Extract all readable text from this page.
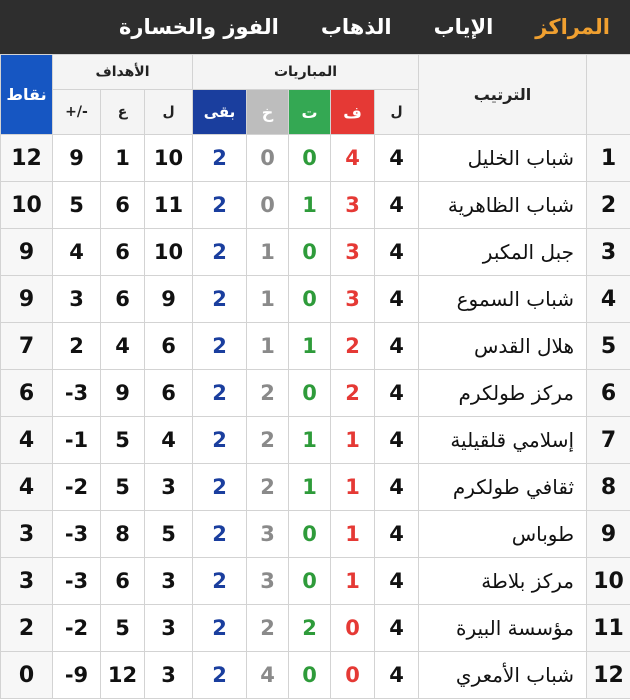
المراكز
الإياب
الذهاب
الفوز والخسارة
	الترتيب	المباريات					الأهداف			نقاط
		ل	ف	ت	خ	بقى	ل	ع	+/-	
1	شباب الخليل	4	4	0	0	2	10	1	9	12
2	شباب الظاهرية	4	3	1	0	2	11	6	5	10
3	جبل المكبر	4	3	0	1	2	10	6	4	9
4	شباب السموع	4	3	0	1	2	9	6	3	9
5	هلال القدس	4	2	1	1	2	6	4	2	7
6	مركز طولكرم	4	2	0	2	2	6	9	-3	6
7	إسلامي قلقيلية	4	1	1	2	2	4	5	-1	4
8	ثقافي طولكرم	4	1	1	2	2	3	5	-2	4
9	طوباس	4	1	0	3	2	5	8	-3	3
10	مركز بلاطة	4	1	0	3	2	3	6	-3	3
11	مؤسسة البيرة	4	0	2	2	2	3	5	-2	2
12	شباب الأمعري	4	0	0	4	2	3	12	-9	0
